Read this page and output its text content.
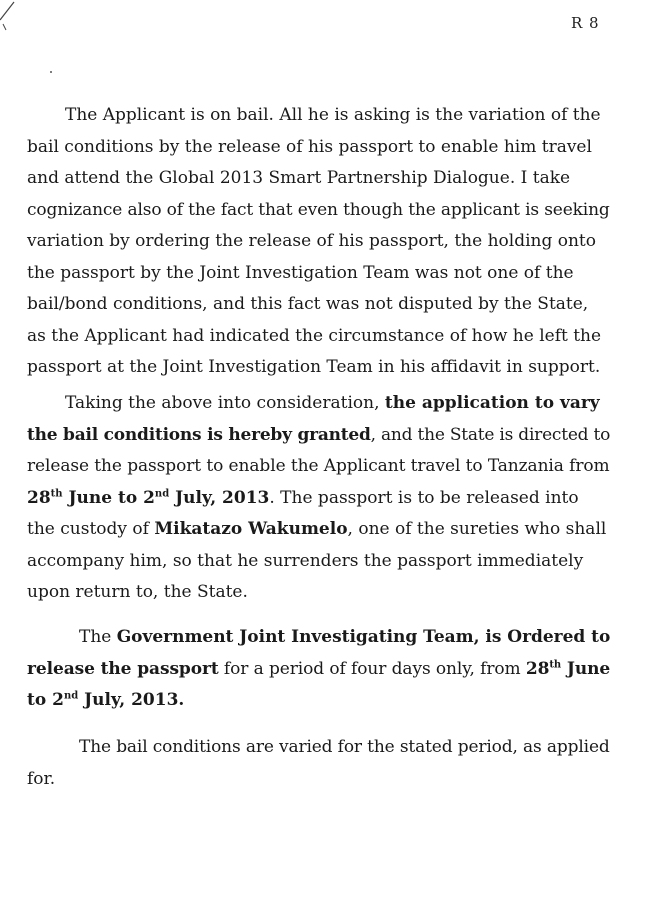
R 8
The Applicant is on bail. All he is asking is the variation of the
bail conditions by the release of his passport to enable him travel
and attend the Global 2013 Smart Partnership Dialogue. I take
cognizance also of the fact that even though the applicant is seeking
variation by ordering the release of his passport, the holding onto
the passport by the Joint Investigation Team was not one of the
bail/bond conditions, and this fact was not disputed by the State,
as the Applicant had indicated the circumstance of how he left the
passport at the Joint Investigation Team in his affidavit in support.
Taking the above into consideration, the application to vary
the bail conditions is hereby granted, and the State is directed to
release the passport to enable the Applicant travel to Tanzania from
28th June to 2nd July, 2013. The passport is to be released into
the custody of Mikatazo Wakumelo, one of the sureties who shall
accompany him, so that he surrenders the passport immediately
upon return to, the State.
The Government Joint Investigating Team, is Ordered to
release the passport for a period of four days only, from 28th June
to 2nd July, 2013.
The bail conditions are varied for the stated period, as applied
for.
